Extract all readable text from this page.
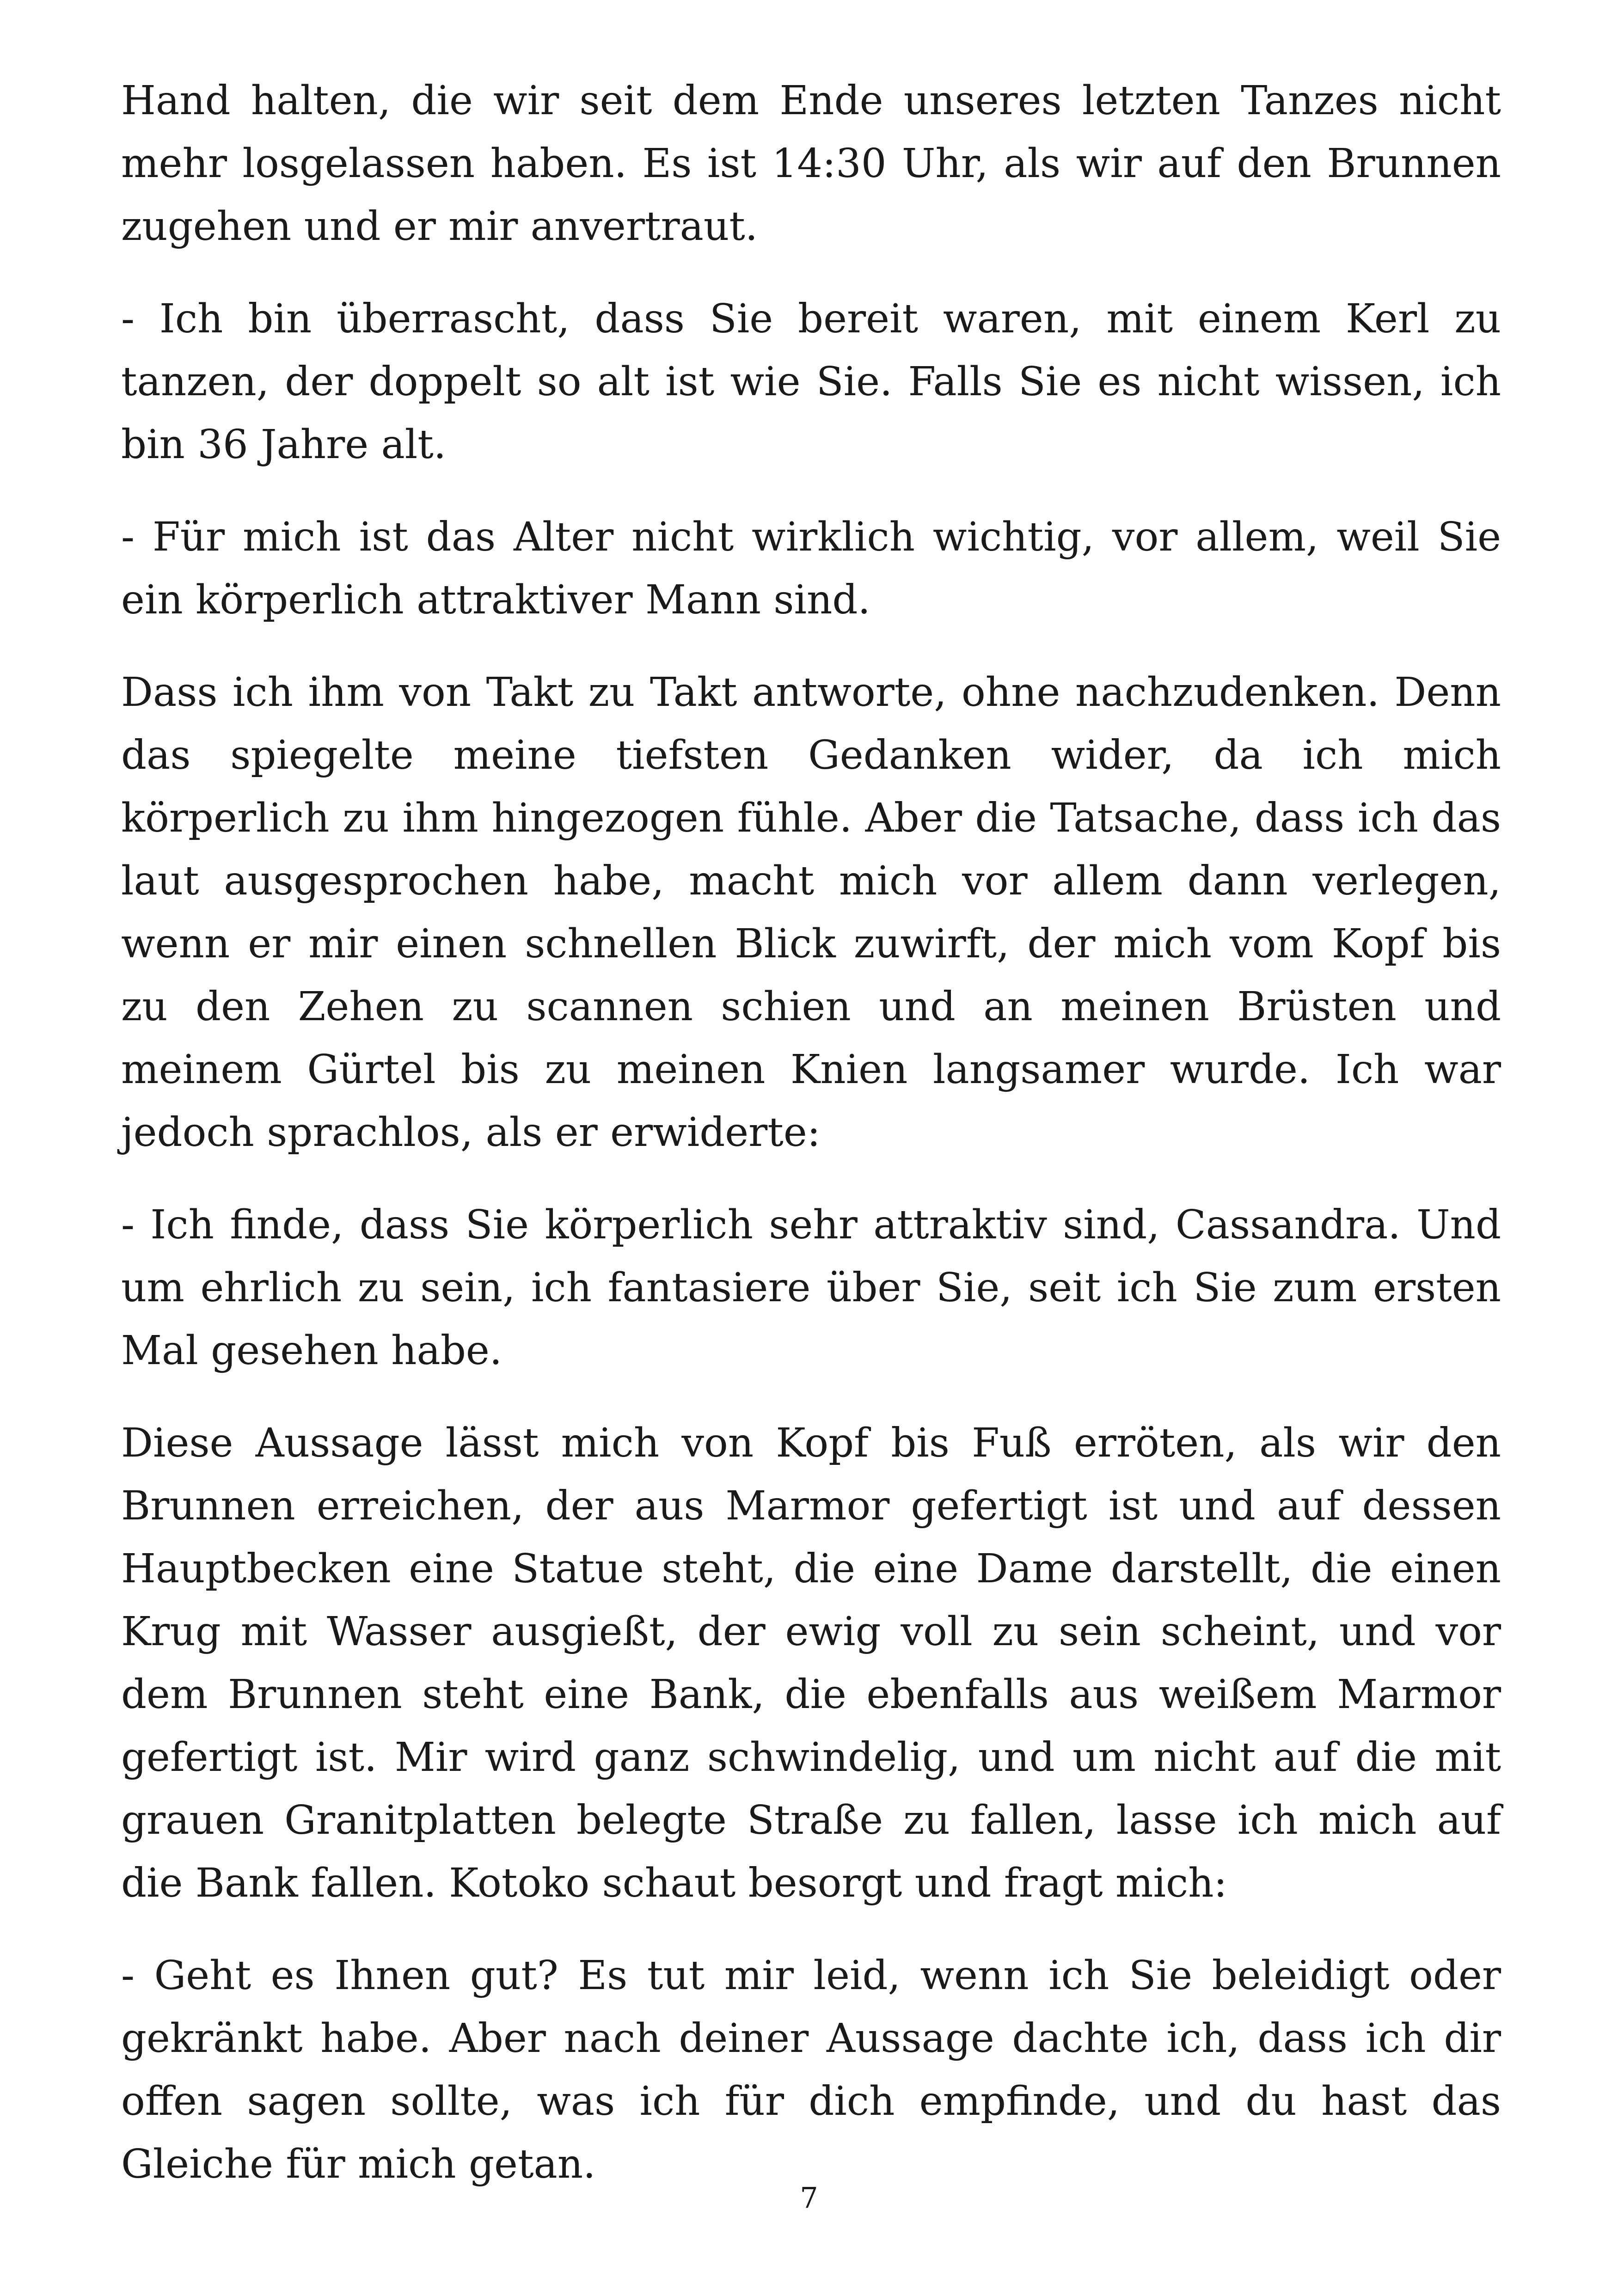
Hand halten, die wir seit dem Ende unseres letzten Tanzes nicht mehr losgelassen haben. Es ist 14:30 Uhr, als wir auf den Brunnen zugehen und er mir anvertraut.

- Ich bin überrascht, dass Sie bereit waren, mit einem Kerl zu tanzen, der doppelt so alt ist wie Sie. Falls Sie es nicht wissen, ich bin 36 Jahre alt.

- Für mich ist das Alter nicht wirklich wichtig, vor allem, weil Sie ein körperlich attraktiver Mann sind.

Dass ich ihm von Takt zu Takt antworte, ohne nachzudenken. Denn das spiegelte meine tiefsten Gedanken wider, da ich mich körperlich zu ihm hingezogen fühle. Aber die Tatsache, dass ich das laut ausgesprochen habe, macht mich vor allem dann verlegen, wenn er mir einen schnellen Blick zuwirft, der mich vom Kopf bis zu den Zehen zu scannen schien und an meinen Brüsten und meinem Gürtel bis zu meinen Knien langsamer wurde. Ich war jedoch sprachlos, als er erwiderte:

- Ich finde, dass Sie körperlich sehr attraktiv sind, Cassandra. Und um ehrlich zu sein, ich fantasiere über Sie, seit ich Sie zum ersten Mal gesehen habe.

Diese Aussage lässt mich von Kopf bis Fuß erröten, als wir den Brunnen erreichen, der aus Marmor gefertigt ist und auf dessen Hauptbecken eine Statue steht, die eine Dame darstellt, die einen Krug mit Wasser ausgießt, der ewig voll zu sein scheint, und vor dem Brunnen steht eine Bank, die ebenfalls aus weißem Marmor gefertigt ist. Mir wird ganz schwindelig, und um nicht auf die mit grauen Granitplatten belegte Straße zu fallen, lasse ich mich auf die Bank fallen. Kotoko schaut besorgt und fragt mich:

- Geht es Ihnen gut? Es tut mir leid, wenn ich Sie beleidigt oder gekränkt habe. Aber nach deiner Aussage dachte ich, dass ich dir offen sagen sollte, was ich für dich empfinde, und du hast das Gleiche für mich getan.

7
